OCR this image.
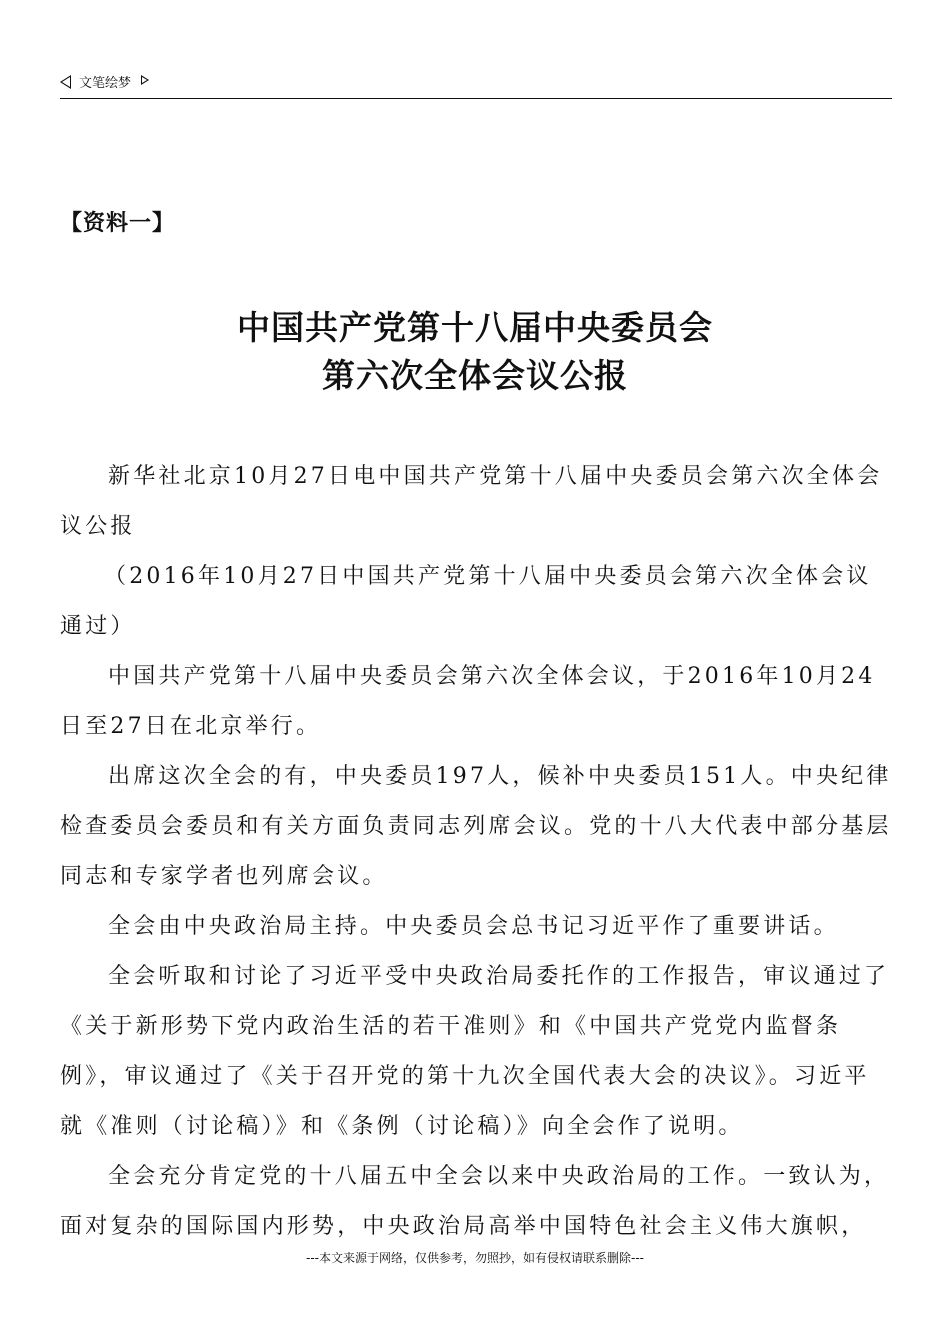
文笔绘梦
【资料一】
中国共产党第十八届中央委员会
第六次全体会议公报

新华社北京10月27日电中国共产党第十八届中央委员会第六次全体会议公报

（2016年10月27日中国共产党第十八届中央委员会第六次全体会议通过）

中国共产党第十八届中央委员会第六次全体会议，于2016年10月24日至27日在北京举行。

出席这次全会的有，中央委员197人，候补中央委员151人。中央纪律检查委员会委员和有关方面负责同志列席会议。党的十八大代表中部分基层同志和专家学者也列席会议。

全会由中央政治局主持。中央委员会总书记习近平作了重要讲话。

全会听取和讨论了习近平受中央政治局委托作的工作报告，审议通过了《关于新形势下党内政治生活的若干准则》和《中国共产党党内监督条例》，审议通过了《关于召开党的第十九次全国代表大会的决议》。习近平就《准则（讨论稿）》和《条例（讨论稿）》向全会作了说明。

全会充分肯定党的十八届五中全会以来中央政治局的工作。一致认为，面对复杂的国际国内形势，中央政治局高举中国特色社会主义伟大旗帜，

---本文来源于网络，仅供参考，勿照抄，如有侵权请联系删除---
